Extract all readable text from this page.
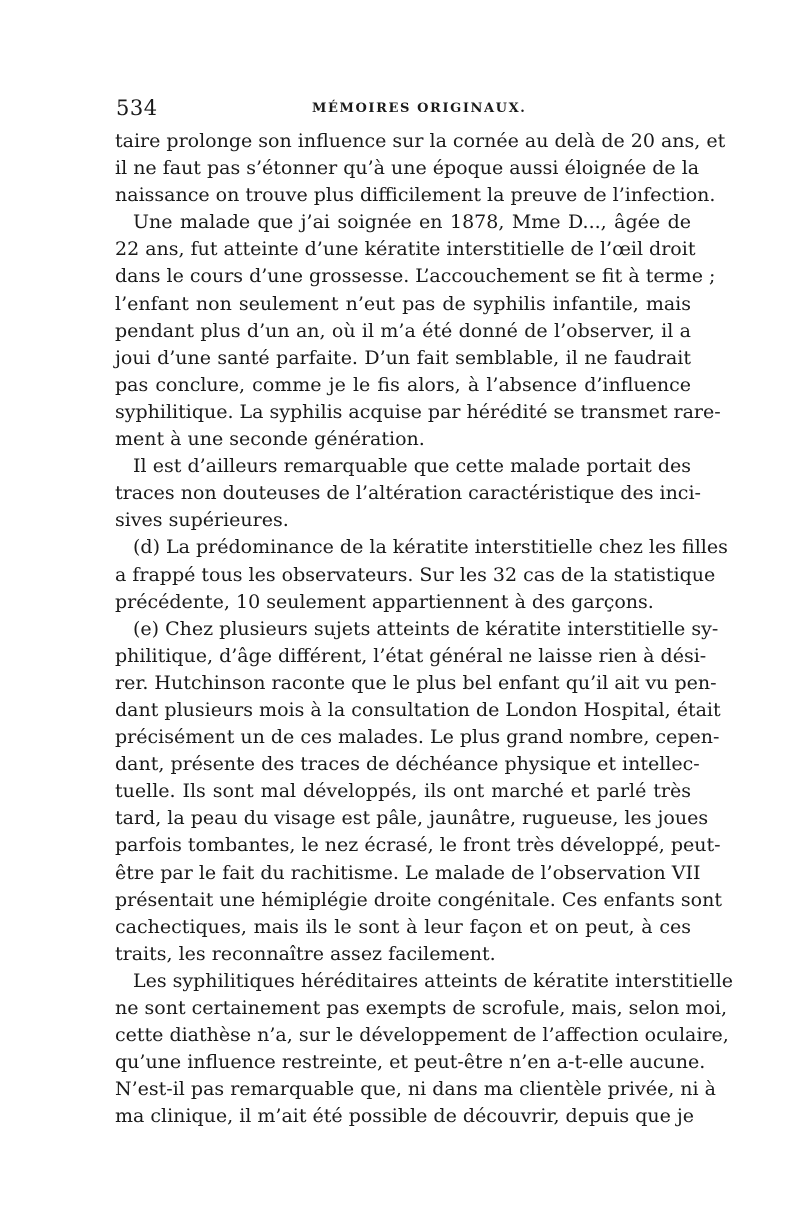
534	MÉMOIRES ORIGINAUX.
taire prolonge son influence sur la cornée au delà de 20 ans, et
il ne faut pas s’étonner qu’à une époque aussi éloignée de la
naissance on trouve plus difficilement la preuve de l’infection.
Une malade que j’ai soignée en 1878, Mme D..., âgée de
22 ans, fut atteinte d’une kératite interstitielle de l’œil droit
dans le cours d’une grossesse. L’accouchement se fit à terme ;
l’enfant non seulement n’eut pas de syphilis infantile, mais
pendant plus d’un an, où il m’a été donné de l’observer, il a
joui d’une santé parfaite. D’un fait semblable, il ne faudrait
pas conclure, comme je le fis alors, à l’absence d’influence
syphilitique. La syphilis acquise par hérédité se transmet rare-
ment à une seconde génération.
Il est d’ailleurs remarquable que cette malade portait des
traces non douteuses de l’altération caractéristique des inci-
sives supérieures.
(d) La prédominance de la kératite interstitielle chez les filles
a frappé tous les observateurs. Sur les 32 cas de la statistique
précédente, 10 seulement appartiennent à des garçons.
(e) Chez plusieurs sujets atteints de kératite interstitielle sy-
philitique, d’âge différent, l’état général ne laisse rien à dési-
rer. Hutchinson raconte que le plus bel enfant qu’il ait vu pen-
dant plusieurs mois à la consultation de London Hospital, était
précisément un de ces malades. Le plus grand nombre, cepen-
dant, présente des traces de déchéance physique et intellec-
tuelle. Ils sont mal développés, ils ont marché et parlé très
tard, la peau du visage est pâle, jaunâtre, rugueuse, les joues
parfois tombantes, le nez écrasé, le front très développé, peut-
être par le fait du rachitisme. Le malade de l’observation VII
présentait une hémiplégie droite congénitale. Ces enfants sont
cachectiques, mais ils le sont à leur façon et on peut, à ces
traits, les reconnaître assez facilement.
Les syphilitiques héréditaires atteints de kératite interstitielle
ne sont certainement pas exempts de scrofule, mais, selon moi,
cette diathèse n’a, sur le développement de l’affection oculaire,
qu’une influence restreinte, et peut-être n’en a-t-elle aucune.
N’est-il pas remarquable que, ni dans ma clientèle privée, ni à
ma clinique, il m’ait été possible de découvrir, depuis que je
